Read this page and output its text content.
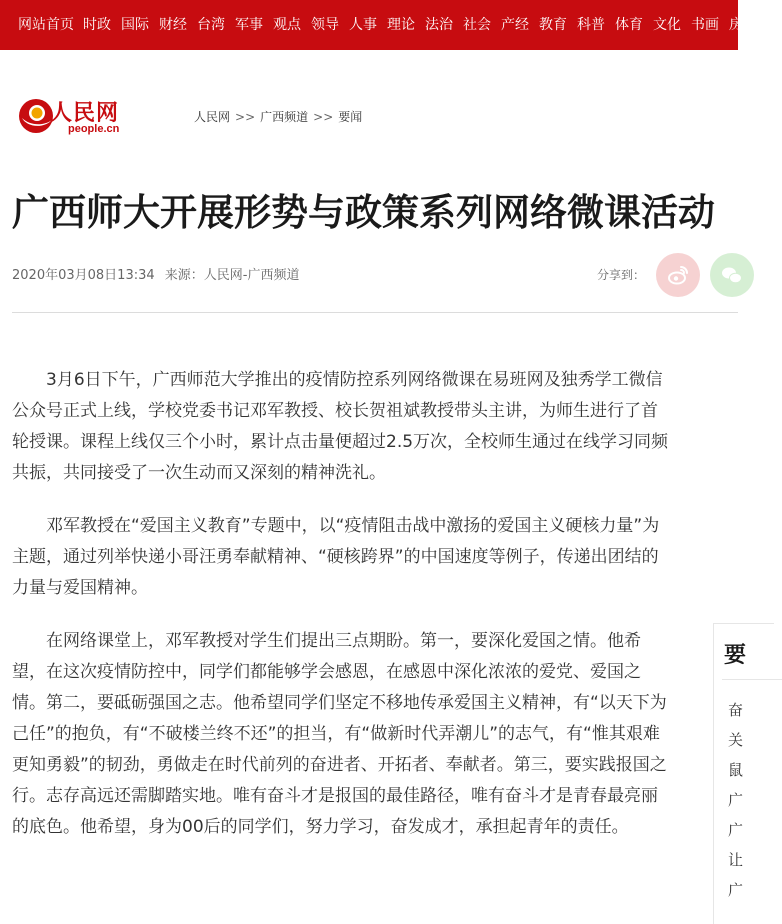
网站首页 时政 国际 财经 台湾 军事 观点 领导 人事 理论 法治 社会 产经 教育 科普 体育 文化 书画 房
人民网
people.cn
人民网 >> 广西频道 >> 要闻
广西师大开展形势与政策系列网络微课活动
2020年03月08日13:34 来源：人民网-广西频道	分享到：

3月6日下午，广西师范大学推出的疫情防控系列网络微课在易班网及独秀学工微信公众号正式上线，学校党委书记邓军教授、校长贺祖斌教授带头主讲，为师生进行了首轮授课。课程上线仅三个小时，累计点击量便超过2.5万次，全校师生通过在线学习同频共振，共同接受了一次生动而又深刻的精神洗礼。

邓军教授在“爱国主义教育”专题中，以“疫情阻击战中激扬的爱国主义硬核力量”为主题，通过列举快递小哥汪勇奉献精神、“硬核跨界”的中国速度等例子，传递出团结的力量与爱国精神。

在网络课堂上，邓军教授对学生们提出三点期盼。第一，要深化爱国之情。他希望，在这次疫情防控中，同学们都能够学会感恩，在感恩中深化浓浓的爱党、爱国之情。第二，要砥砺强国之志。他希望同学们坚定不移地传承爱国主义精神，有“以天下为己任”的抱负，有“不破楼兰终不还”的担当，有“做新时代弄潮儿”的志气，有“惟其艰难更知勇毅”的韧劲，勇做走在时代前列的奋进者、开拓者、奉献者。第三，要实践报国之行。志存高远还需脚踏实地。唯有奋斗才是报国的最佳路径，唯有奋斗才是青春最亮丽的底色。他希望，身为00后的同学们，努力学习，奋发成才，承担起青年的责任。

要
奋
关
鼠
广
广
让
广
